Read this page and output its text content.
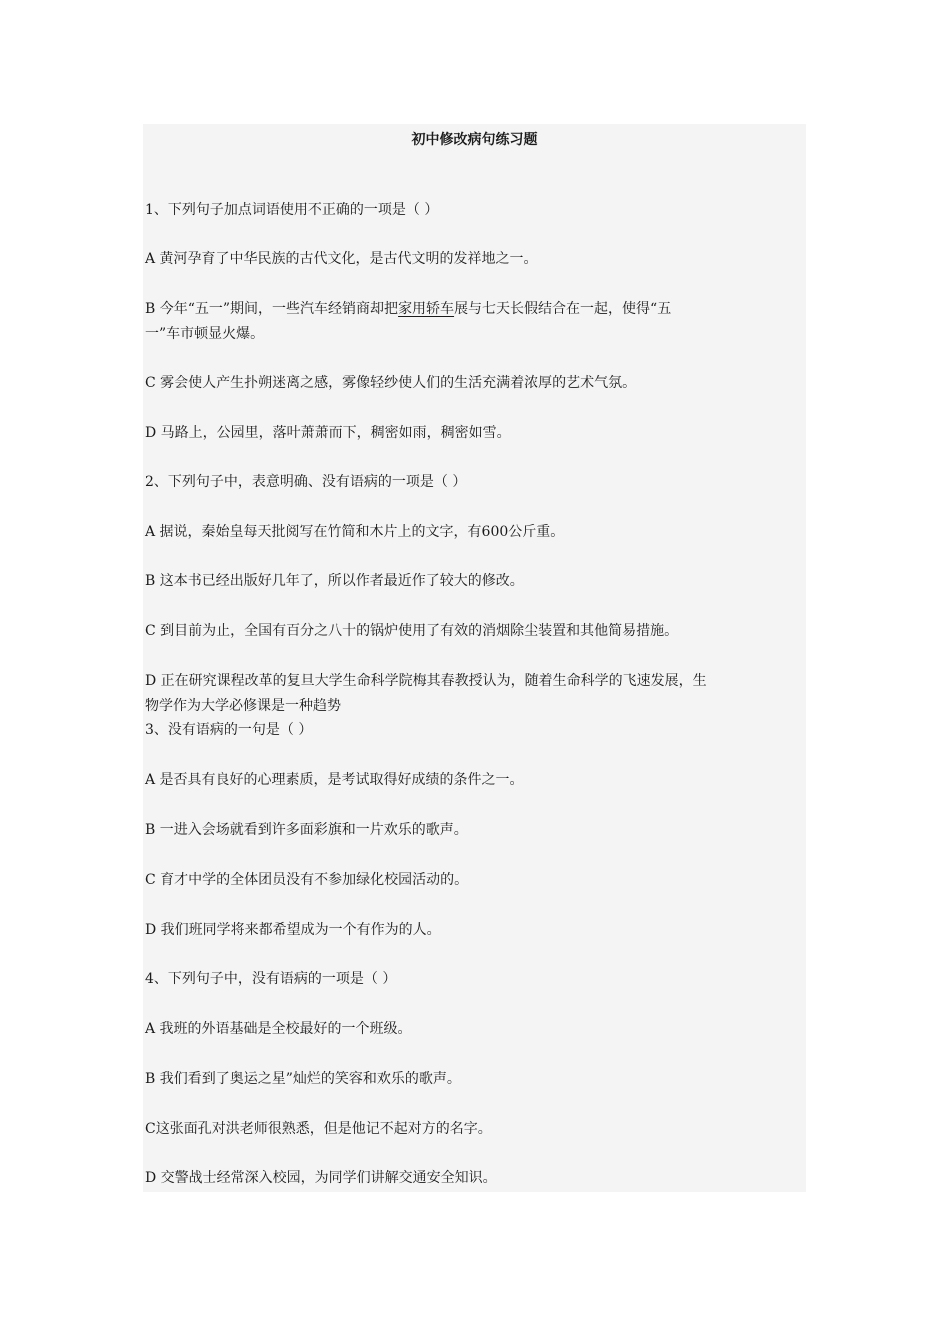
初中修改病句练习题
1、下列句子加点词语使用不正确的一项是（ ）
A 黄河孕育了中华民族的古代文化，是古代文明的发祥地之一。
B 今年“五一”期间，一些汽车经销商却把家用轿车展与七天长假结合在一起，使得“五
一”车市顿显火爆。
C 雾会使人产生扑朔迷离之感，雾像轻纱使人们的生活充满着浓厚的艺术气氛。
D 马路上，公园里，落叶萧萧而下，稠密如雨，稠密如雪。
2、下列句子中，表意明确、没有语病的一项是（ ）
A 据说，秦始皇每天批阅写在竹简和木片上的文字，有600公斤重。
B 这本书已经出版好几年了，所以作者最近作了较大的修改。
C 到目前为止，全国有百分之八十的锅炉使用了有效的消烟除尘装置和其他简易措施。
D 正在研究课程改革的复旦大学生命科学院梅其春教授认为，随着生命科学的飞速发展，生
物学作为大学必修课是一种趋势
3、没有语病的一句是（ ）
A 是否具有良好的心理素质，是考试取得好成绩的条件之一。
B 一进入会场就看到许多面彩旗和一片欢乐的歌声。
C 育才中学的全体团员没有不参加绿化校园活动的。
D 我们班同学将来都希望成为一个有作为的人。
4、下列句子中，没有语病的一项是（ ）
A 我班的外语基础是全校最好的一个班级。
B 我们看到了奥运之星”灿烂的笑容和欢乐的歌声。
C这张面孔对洪老师很熟悉，但是他记不起对方的名字。
D 交警战士经常深入校园，为同学们讲解交通安全知识。
